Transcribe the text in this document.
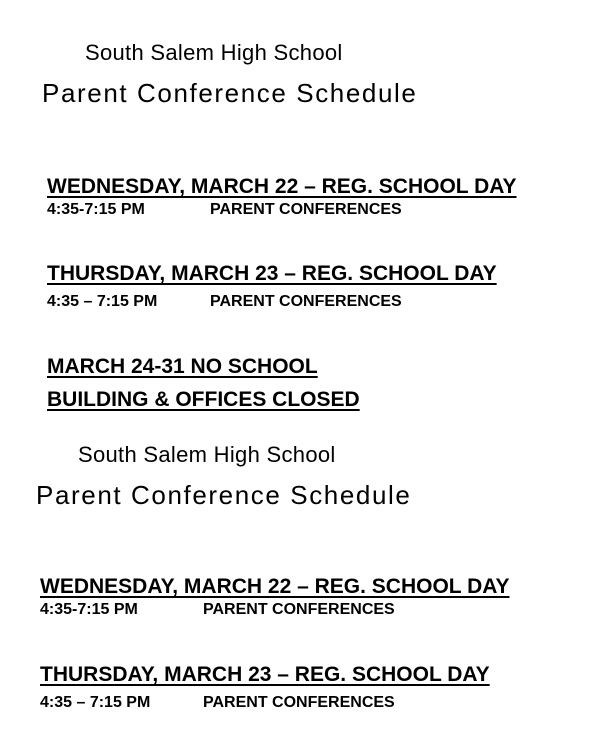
South Salem High School

Parent Conference Schedule

WEDNESDAY, MARCH 22 – REG. SCHOOL DAY

4:35-7:15 PM	PARENT CONFERENCES

THURSDAY, MARCH 23 – REG. SCHOOL DAY

4:35 – 7:15 PM	PARENT CONFERENCES

MARCH 24-31 NO SCHOOL

BUILDING & OFFICES CLOSED

South Salem High School

Parent Conference Schedule

WEDNESDAY, MARCH 22 – REG. SCHOOL DAY

4:35-7:15 PM	PARENT CONFERENCES

THURSDAY, MARCH 23 – REG. SCHOOL DAY

4:35 – 7:15 PM	PARENT CONFERENCES
